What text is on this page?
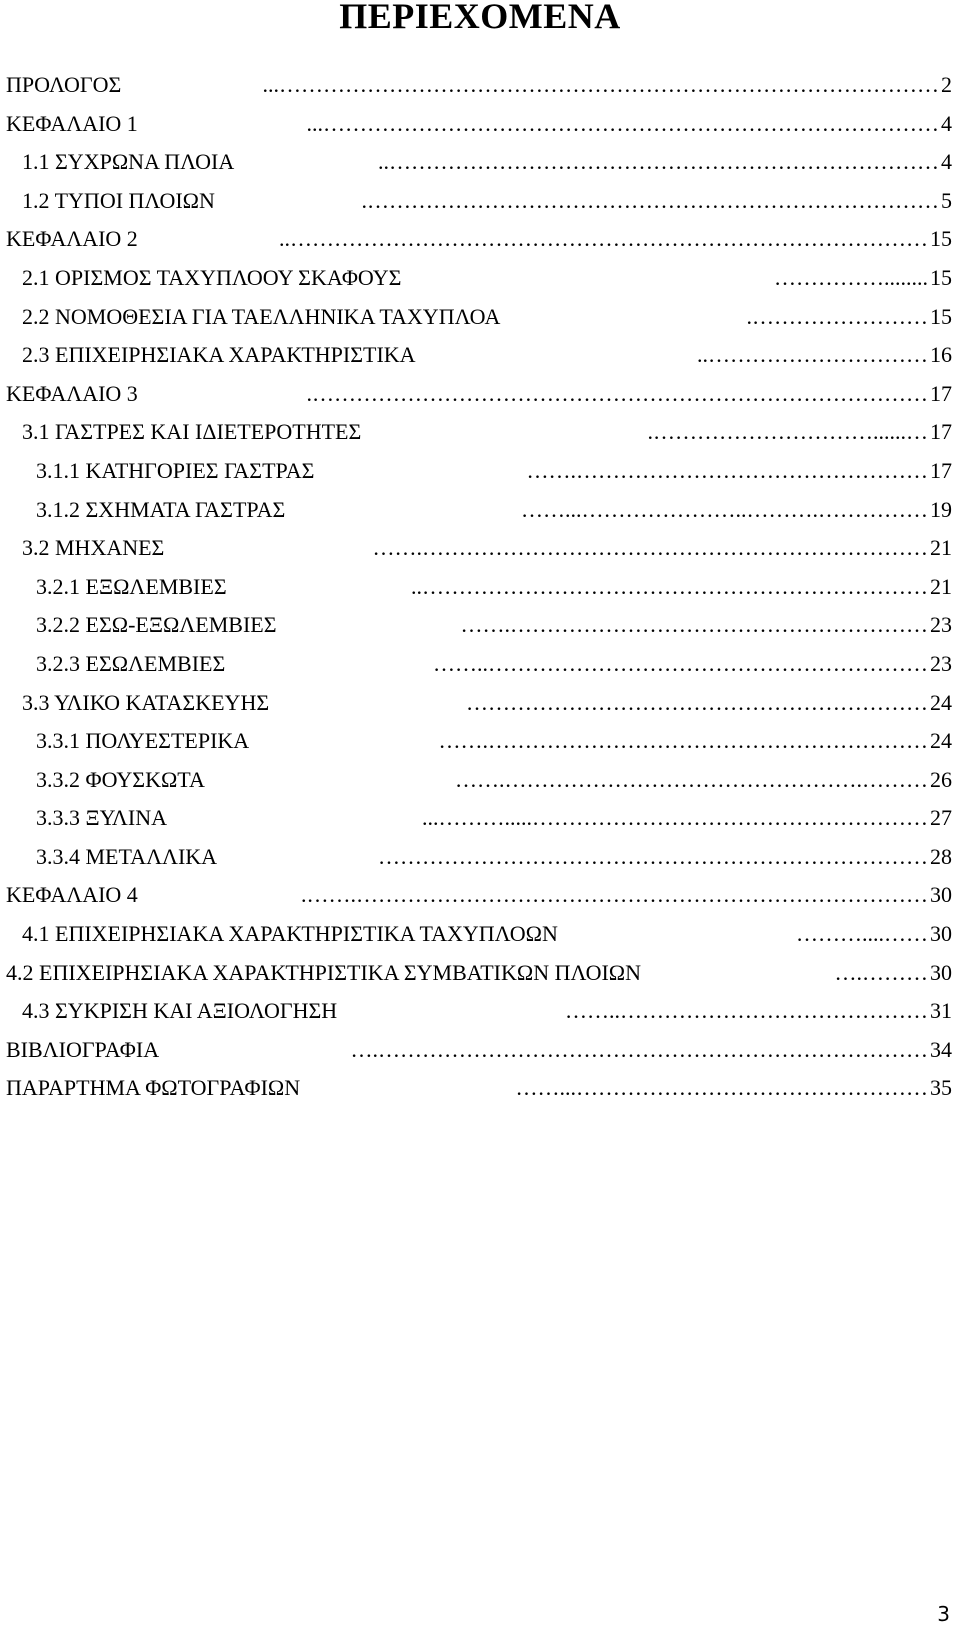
ΠΕΡΙΕΧΟΜΕΝΑ
………………………………………………………………………………...
ΠΡΟΛΟΓΟΣ	2
…………………………………………………………………………...
ΚΕΦΑΛΑΙΟ 1	4
…………………………………………………………………..
1.1 ΣΥΧΡΩΝΑ ΠΛΟΙΑ	4
…………………………………………………………………….
1.2 ΤΥΠΟΙ ΠΛΟΙΩΝ	5
……………………………………………………………………………..
ΚΕΦΑΛΑΙΟ 2	15
........……………
2.1 ΟΡΙΣΜΟΣ ΤΑΧΥΠΛΟΟΥ ΣΚΑΦΟΥΣ	15
…………………….
2.2 ΝΟΜΟΘΕΣΙΑ ΓΙΑ ΤΑΕΛΛΗΝΙΚΑ ΤΑΧΥΠΛΟΑ	15
…………………………..
2.3 ΕΠΙΧΕΙΡΗΣΙΑΚΑ ΧΑΡΑΚΤΗΡΙΣΤΙΚΑ	16
………………………………………………………………………….
ΚΕΦΑΛΑΙΟ 3	17
…......………………………….
3.1 ΓΑΣΤΡΕΣ ΚΑΙ ΙΔΙΕΤΕΡΟΤΗΤΕΣ	17
………………………………………….……
3.1.1 ΚΑΤΗΓΟΡΙΕΣ ΓΑΣΤΡΑΣ	17
…………….………..…………………...……
3.1.2 ΣΧΗΜΑΤΑ ΓΑΣΤΡΑΣ	19
…………………………………………………………….……
3.2 ΜΗΧΑΝΕΣ	21
……………………………………………………………..
3.2.1 ΕΞΩΛΕΜΒΙΕΣ	21
………………………………………………….……
3.2.2 ΕΣΩ-ΕΞΩΛΕΜΒΙΕΣ	23
……………………………………………………..……
3.2.3 ΕΣΩΛΕΜΒΙΕΣ	23
………………………………………………………
3.3 ΥΛΙΚΟ ΚΑΤΑΣΚΕΥΗΣ	24
…………………………………………………….……
3.3.1 ΠΟΛΥΕΣΤΕΡΙΚΑ	24
……….………………………………………….……
3.3.2 ΦΟΥΣΚΩΤΑ	26
……………………………………………….....………...
3.3.3 ΞΥΛΙΝΑ	27
…………………………………………………………………
3.3.4 ΜΕΤΑΛΛΙΚΑ	28
…………………………………………………………………….…….
ΚΕΦΑΛΑΙΟ 4	30
……....………
4.1 ΕΠΙΧΕΙΡΗΣΙΑΚΑ ΧΑΡΑΚΤΗΡΙΣΤΙΚΑ ΤΑΧΥΠΛΟΩΝ	30
……….…
4.2 ΕΠΙΧΕΙΡΗΣΙΑΚΑ ΧΑΡΑΚΤΗΡΙΣΤΙΚΑ ΣΥΜΒΑΤΙΚΩΝ ΠΛΟΙΩΝ	30
……………………………………..……
4.3 ΣΥΚΡΙΣΗ ΚΑΙ ΑΞΙΟΛΟΓΗΣΗ	31
………………………………………………………………….…
ΒΙΒΛΙΟΓΡΑΦΙΑ	34
…………………………………………...……
ΠΑΡΑΡΤΗΜΑ ΦΩΤΟΓΡΑΦΙΩΝ	35
3
